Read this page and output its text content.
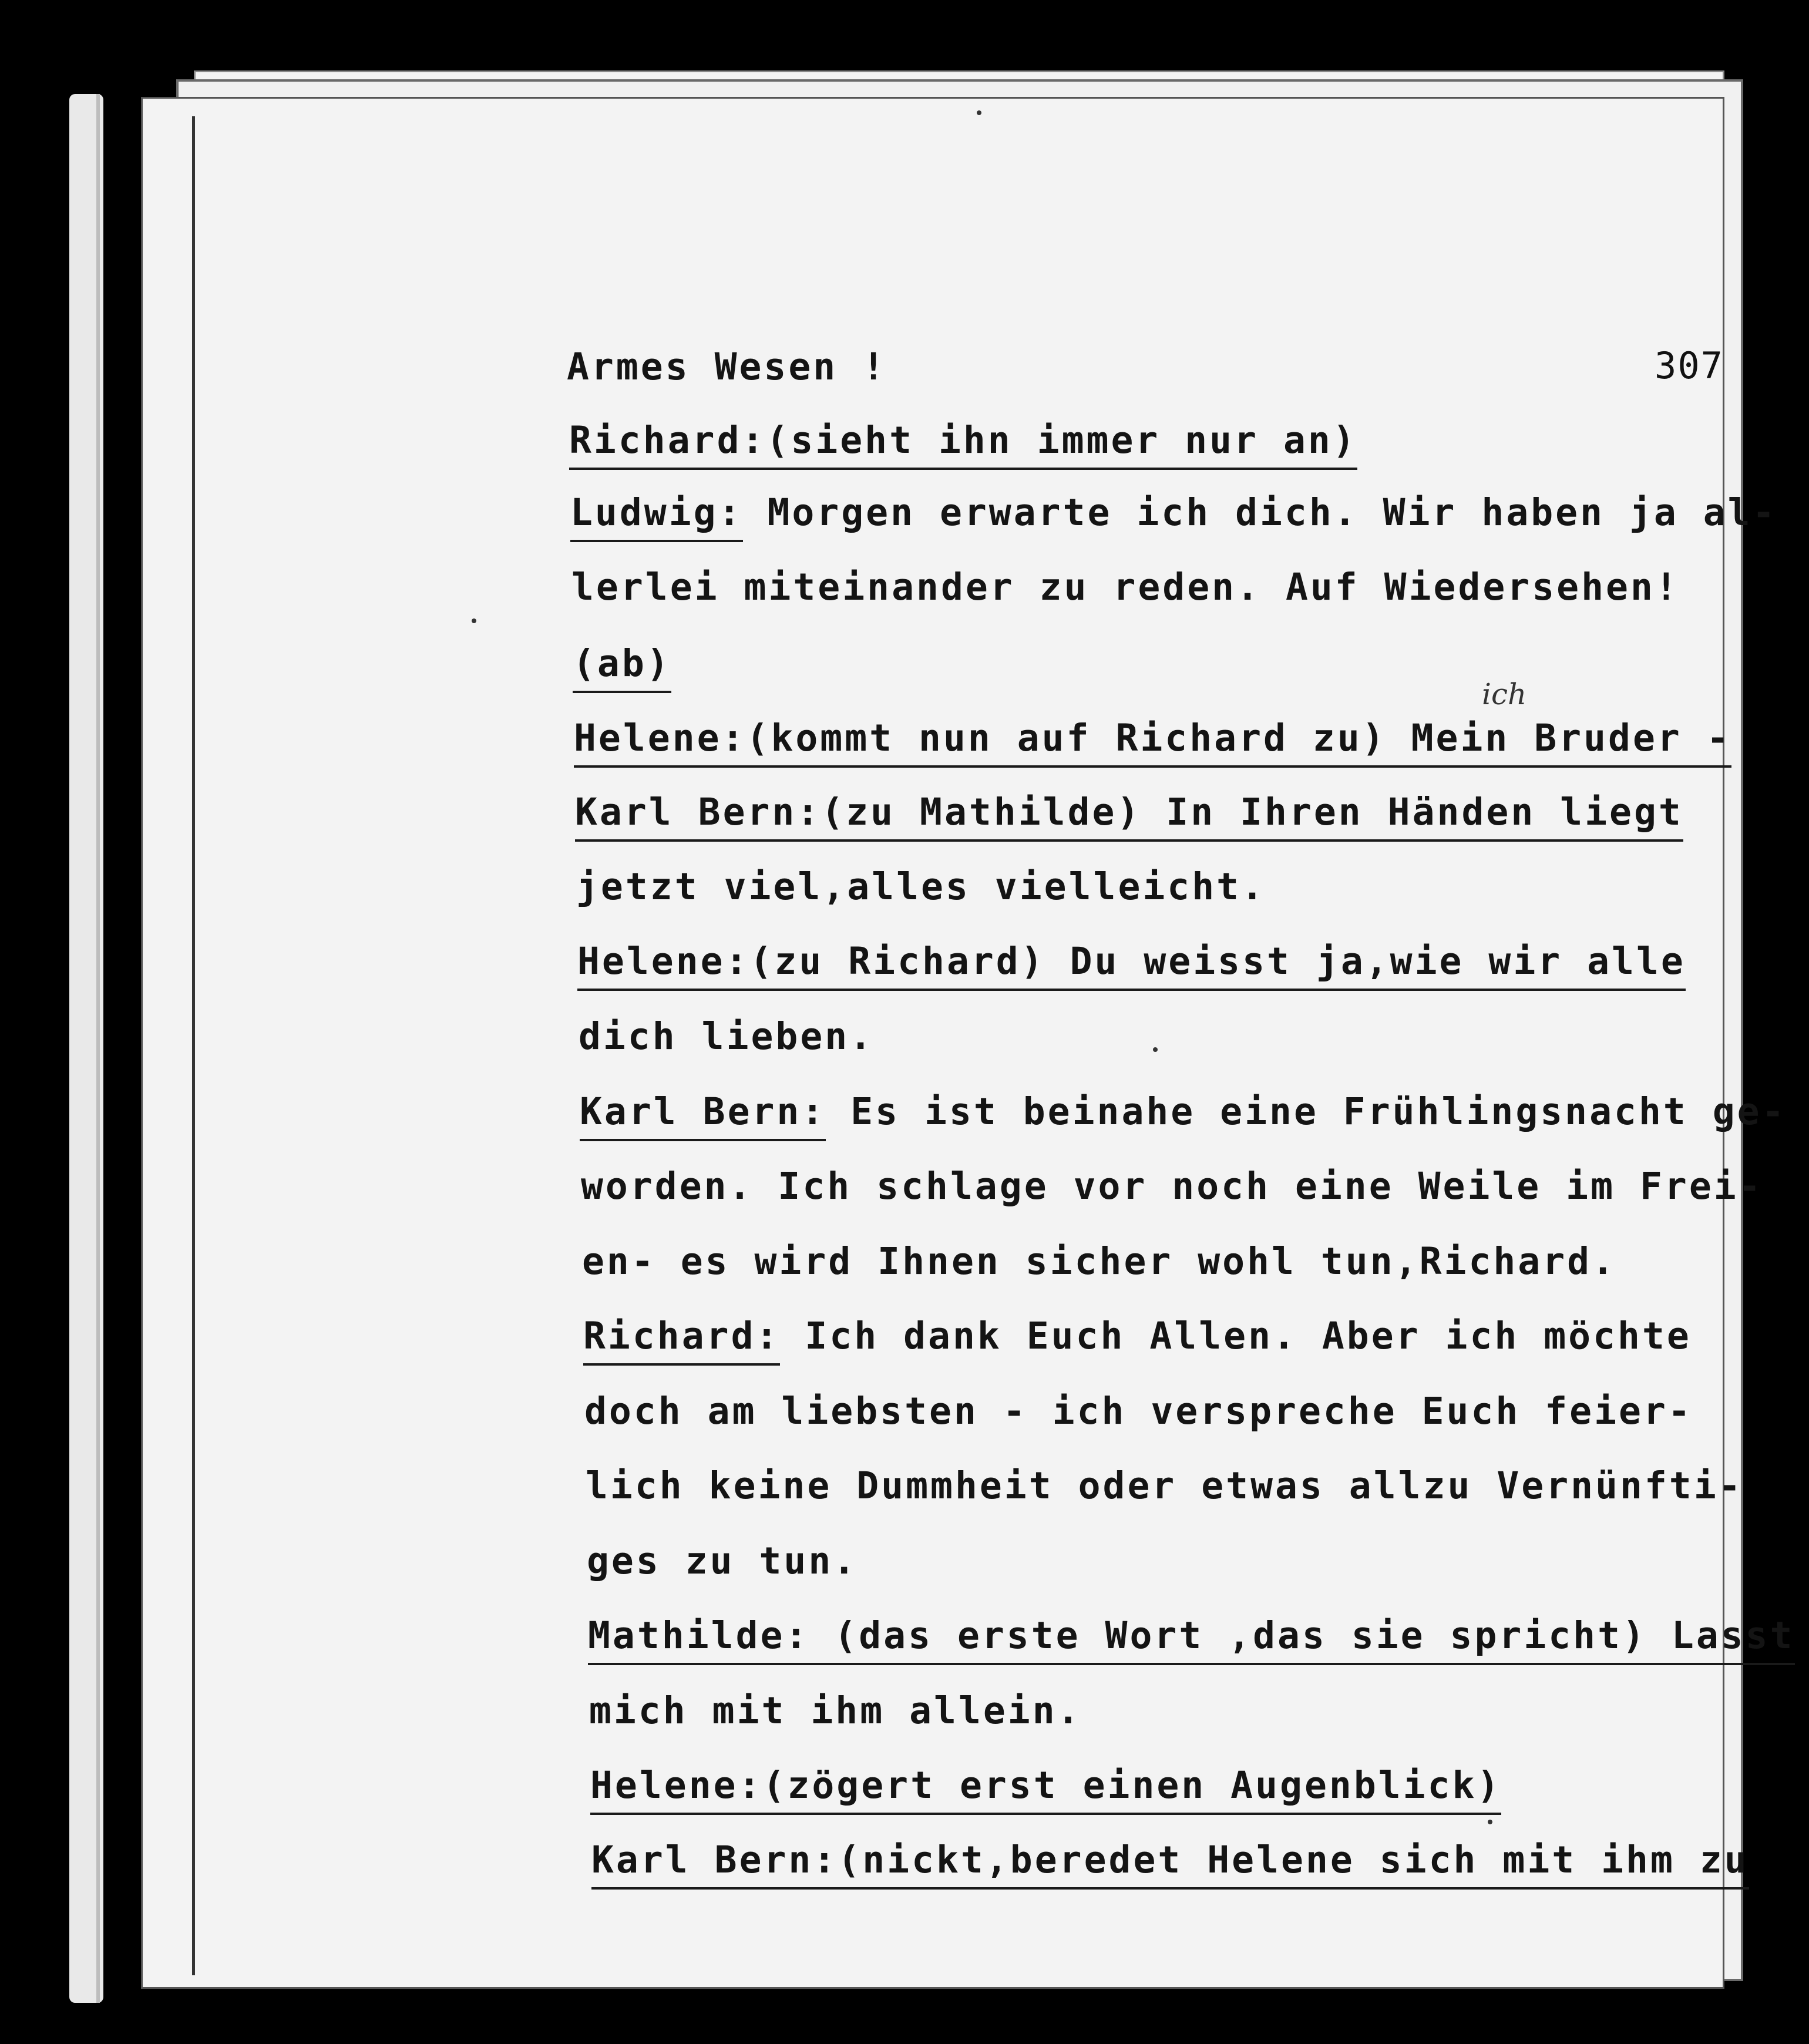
307
Armes Wesen !
Richard:(sieht ihn immer nur an)
Ludwig: Morgen erwarte ich dich. Wir haben ja al-
lerlei miteinander zu reden. Auf Wiedersehen!
(ab)
Helene:(kommt nun auf Richard zu) Mein Bruder -
Karl Bern:(zu Mathilde) In Ihren Händen liegt
jetzt viel,alles vielleicht.
Helene:(zu Richard) Du weisst ja,wie wir alle
dich lieben.
Karl Bern: Es ist beinahe eine Frühlingsnacht ge-
worden. Ich schlage vor noch eine Weile im Frei-
en- es wird Ihnen sicher wohl tun,Richard.
Richard: Ich dank Euch Allen. Aber ich möchte
doch am liebsten - ich verspreche Euch feier-
lich keine Dummheit oder etwas allzu Vernünfti-
ges zu tun.
Mathilde: (das erste Wort ,das sie spricht) Lasst
mich mit ihm allein.
Helene:(zögert erst einen Augenblick)
Karl Bern:(nickt,beredet Helene sich mit ihm zu
ich
